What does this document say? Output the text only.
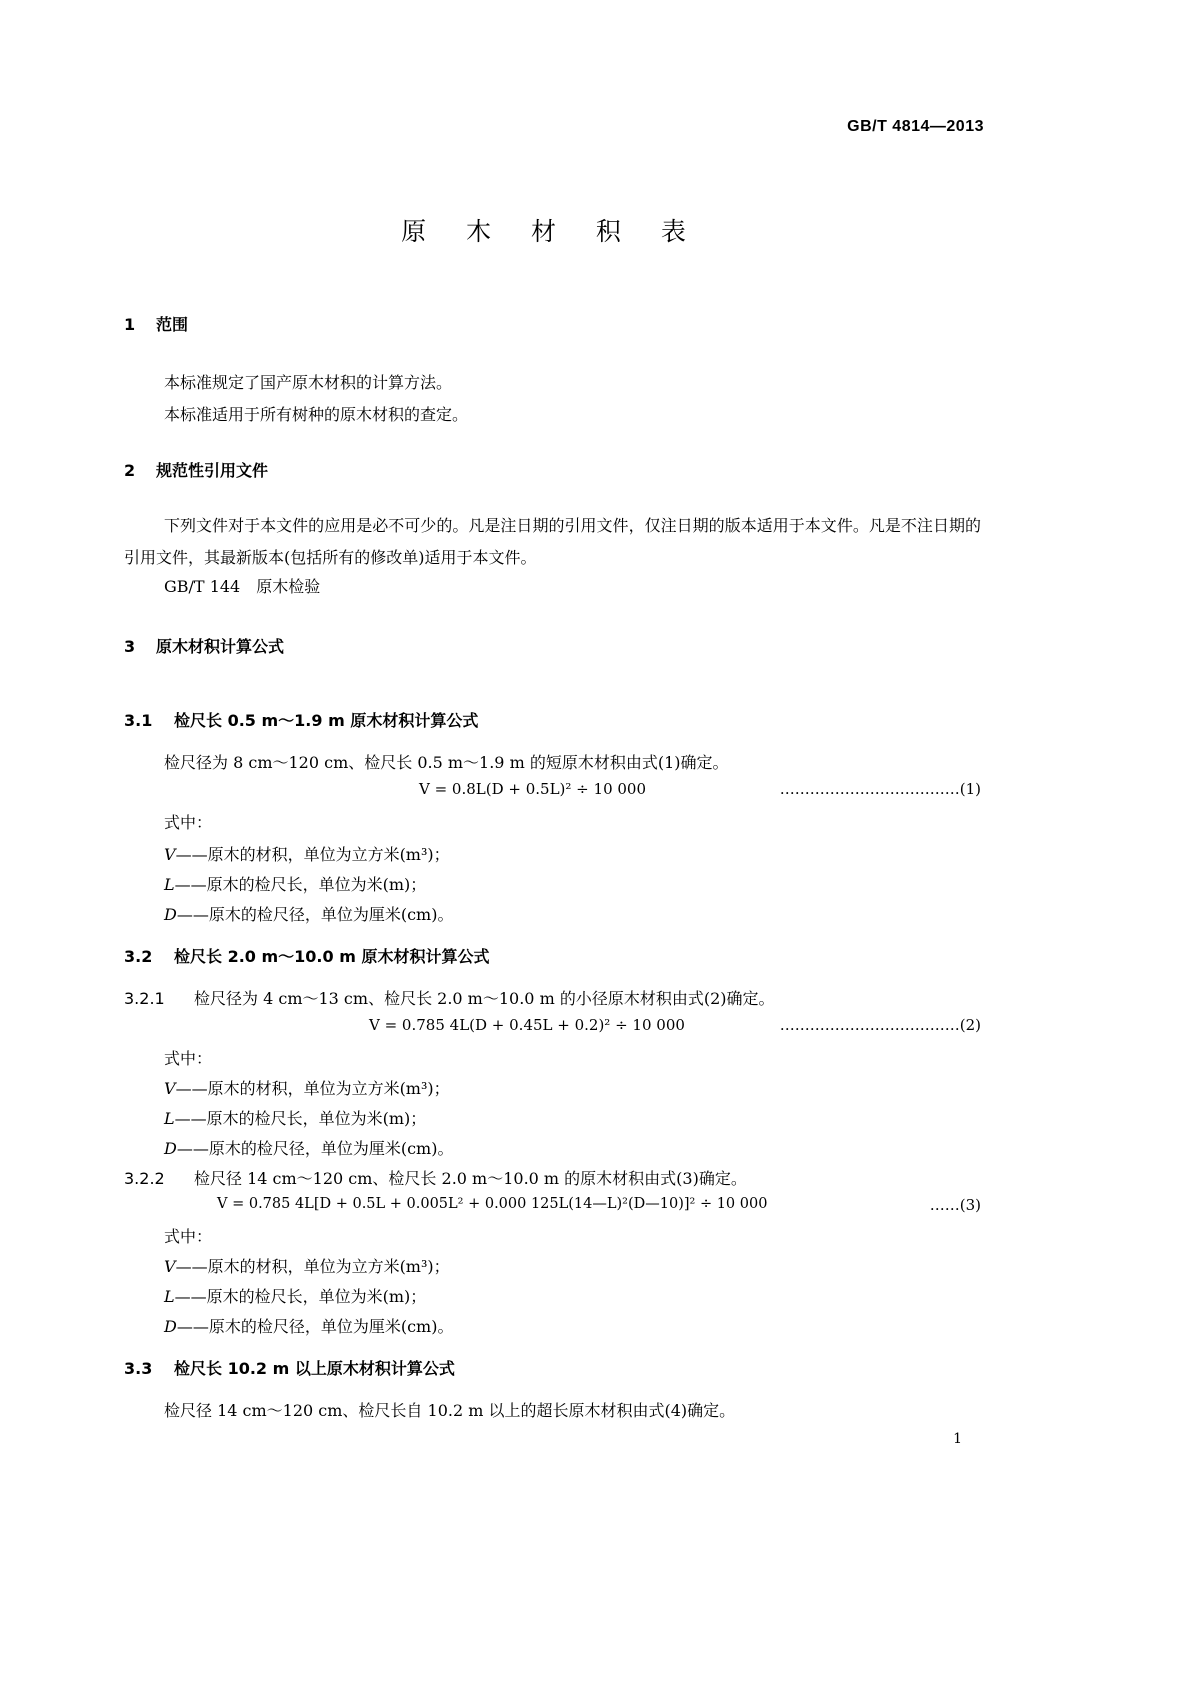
GB/T 4814—2013
原 木 材 积 表
1 范围
本标准规定了国产原木材积的计算方法。
本标准适用于所有树种的原木材积的查定。
2 规范性引用文件
下列文件对于本文件的应用是必不可少的。凡是注日期的引用文件，仅注日期的版本适用于本文件。凡是不注日期的引用文件，其最新版本(包括所有的修改单)适用于本文件。
GB/T 144　原木检验
3 原木材积计算公式
3.1 检尺长 0.5 m～1.9 m 原木材积计算公式
检尺径为 8 cm～120 cm、检尺长 0.5 m～1.9 m 的短原木材积由式(1)确定。
V = 0.8L(D + 0.5L)² ÷ 10 000	………………………………(1)
式中：
V——原木的材积，单位为立方米(m³)；
L——原木的检尺长，单位为米(m)；
D——原木的检尺径，单位为厘米(cm)。
3.2 检尺长 2.0 m～10.0 m 原木材积计算公式
3.2.1 检尺径为 4 cm～13 cm、检尺长 2.0 m～10.0 m 的小径原木材积由式(2)确定。
V = 0.785 4L(D + 0.45L + 0.2)² ÷ 10 000	………………………………(2)
式中：
V——原木的材积，单位为立方米(m³)；
L——原木的检尺长，单位为米(m)；
D——原木的检尺径，单位为厘米(cm)。
3.2.2 检尺径 14 cm～120 cm、检尺长 2.0 m～10.0 m 的原木材积由式(3)确定。
V = 0.785 4L[D + 0.5L + 0.005L² + 0.000 125L(14—L)²(D—10)]² ÷ 10 000	……(3)
式中：
V——原木的材积，单位为立方米(m³)；
L——原木的检尺长，单位为米(m)；
D——原木的检尺径，单位为厘米(cm)。
3.3 检尺长 10.2 m 以上原木材积计算公式
检尺径 14 cm～120 cm、检尺长自 10.2 m 以上的超长原木材积由式(4)确定。
1
